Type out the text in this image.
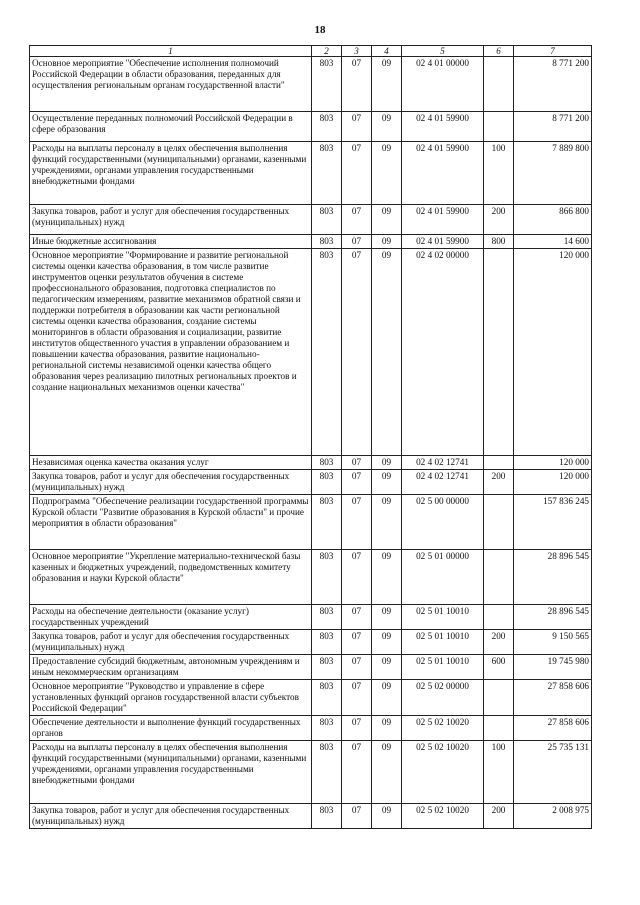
18
1	2	3	4	5	6	7
Основное мероприятие "Обеспечение исполнения полномочий Российской Федерации в области образования, переданных для осуществления региональным органам государственной власти"	803	07	09	02 4 01 00000		8 771 200
Осуществление переданных полномочий Российской Федерации в сфере образования	803	07	09	02 4 01 59900		8 771 200
Расходы на выплаты персоналу в целях обеспечения выполнения функций государственными (муниципальными) органами, казенными учреждениями, органами управления государственными внебюджетными фондами	803	07	09	02 4 01 59900	100	7 889 800
Закупка товаров, работ и услуг для обеспечения государственных (муниципальных) нужд	803	07	09	02 4 01 59900	200	866 800
Иные бюджетные ассигнования	803	07	09	02 4 01 59900	800	14 600
Основное мероприятие "Формирование и развитие региональной системы оценки качества образования, в том числе развитие инструментов оценки результатов обучения в системе профессионального образования, подготовка специалистов по педагогическим измерениям, развитие механизмов обратной связи и поддержки потребителя в образовании как части региональной системы оценки качества образования, создание системы мониторингов в области образования и социализации, развитие институтов общественного участия в управлении образованием и повышении качества образования, развитие национально-региональной системы независимой оценки качества общего образования через реализацию пилотных региональных проектов и создание национальных механизмов оценки качества"	803	07	09	02 4 02 00000		120 000
Независимая оценка качества оказания услуг	803	07	09	02 4 02 12741		120 000
Закупка товаров, работ и услуг для обеспечения государственных (муниципальных) нужд	803	07	09	02 4 02 12741	200	120 000
Подпрограмма "Обеспечение реализации государственной программы Курской области "Развитие образования в Курской области" и прочие мероприятия в области образования"	803	07	09	02 5 00 00000		157 836 245
Основное мероприятие "Укрепление материально-технической базы казенных и бюджетных учреждений, подведомственных комитету образования и науки Курской области"	803	07	09	02 5 01 00000		28 896 545
Расходы на обеспечение деятельности (оказание услуг) государственных учреждений	803	07	09	02 5 01 10010		28 896 545
Закупка товаров, работ и услуг для обеспечения государственных (муниципальных) нужд	803	07	09	02 5 01 10010	200	9 150 565
Предоставление субсидий бюджетным, автономным учреждениям и иным некоммерческим организациям	803	07	09	02 5 01 10010	600	19 745 980
Основное мероприятие "Руководство и управление в сфере установленных функций органов государственной власти субъектов Российской Федерации"	803	07	09	02 5 02 00000		27 858 606
Обеспечение деятельности и выполнение функций государственных органов	803	07	09	02 5 02 10020		27 858 606
Расходы на выплаты персоналу в целях обеспечения выполнения функций государственными (муниципальными) органами, казенными учреждениями, органами управления государственными внебюджетными фондами	803	07	09	02 5 02 10020	100	25 735 131
Закупка товаров, работ и услуг для обеспечения государственных (муниципальных) нужд	803	07	09	02 5 02 10020	200	2 008 975
